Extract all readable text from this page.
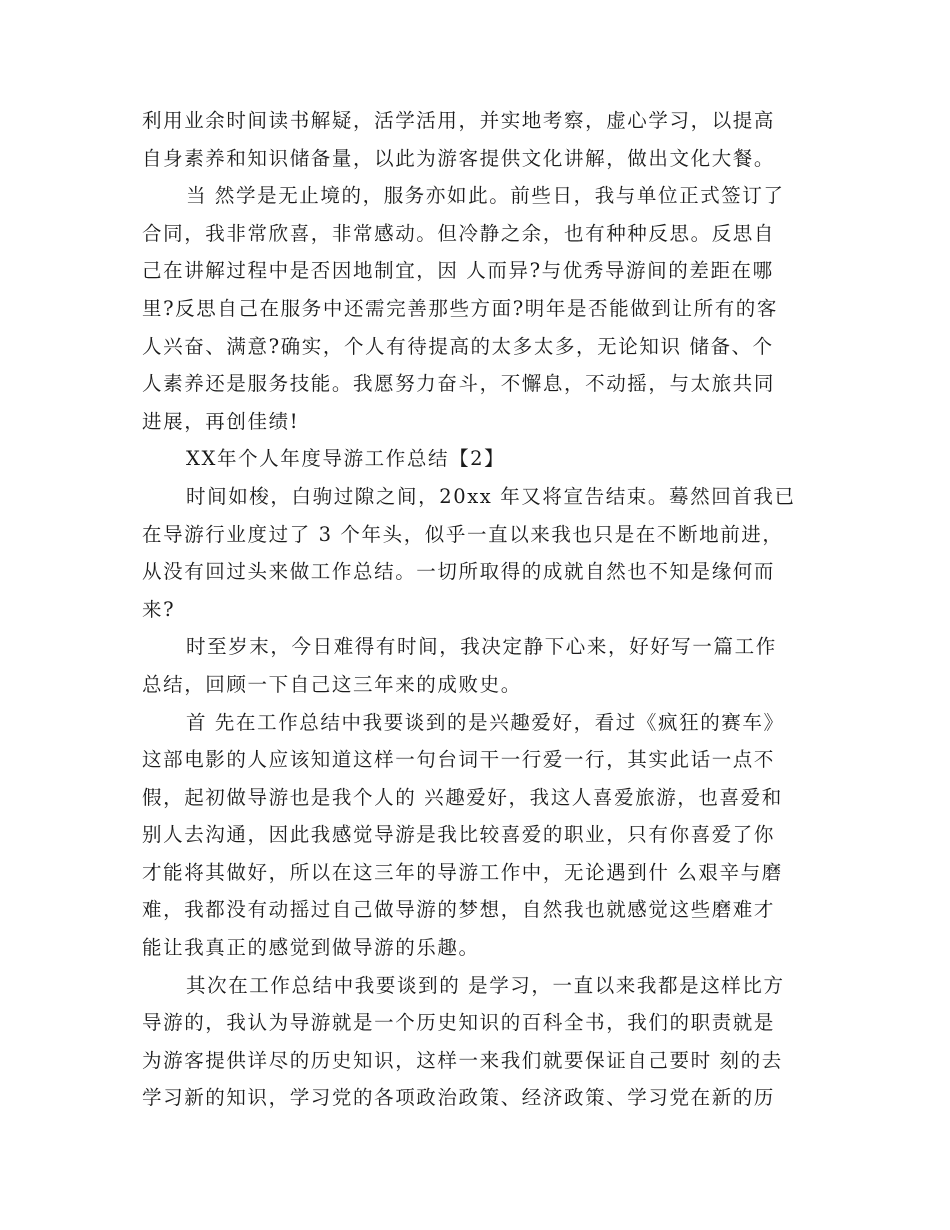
利用业余时间读书解疑，活学活用，并实地考察，虚心学习，以提高
自身素养和知识储备量，以此为游客提供文化讲解，做出文化大餐。
当 然学是无止境的，服务亦如此。前些日，我与单位正式签订了
合同，我非常欣喜，非常感动。但冷静之余，也有种种反思。反思自
己在讲解过程中是否因地制宜，因 人而异?与优秀导游间的差距在哪
里?反思自己在服务中还需完善那些方面?明年是否能做到让所有的客
人兴奋、满意?确实，个人有待提高的太多太多，无论知识 储备、个
人素养还是服务技能。我愿努力奋斗，不懈息，不动摇，与太旅共同
进展，再创佳绩!
XX年个人年度导游工作总结【2】
时间如梭，白驹过隙之间，20xx 年又将宣告结束。蓦然回首我已
在导游行业度过了 3 个年头，似乎一直以来我也只是在不断地前进，
从没有回过头来做工作总结。一切所取得的成就自然也不知是缘何而
来?
时至岁末，今日难得有时间，我决定静下心来，好好写一篇工作
总结，回顾一下自己这三年来的成败史。
首 先在工作总结中我要谈到的是兴趣爱好，看过《疯狂的赛车》
这部电影的人应该知道这样一句台词干一行爱一行，其实此话一点不
假，起初做导游也是我个人的 兴趣爱好，我这人喜爱旅游，也喜爱和
别人去沟通，因此我感觉导游是我比较喜爱的职业，只有你喜爱了你
才能将其做好，所以在这三年的导游工作中，无论遇到什 么艰辛与磨
难，我都没有动摇过自己做导游的梦想，自然我也就感觉这些磨难才
能让我真正的感觉到做导游的乐趣。
其次在工作总结中我要谈到的 是学习，一直以来我都是这样比方
导游的，我认为导游就是一个历史知识的百科全书，我们的职责就是
为游客提供详尽的历史知识，这样一来我们就要保证自己要时 刻的去
学习新的知识，学习党的各项政治政策、经济政策、学习党在新的历
